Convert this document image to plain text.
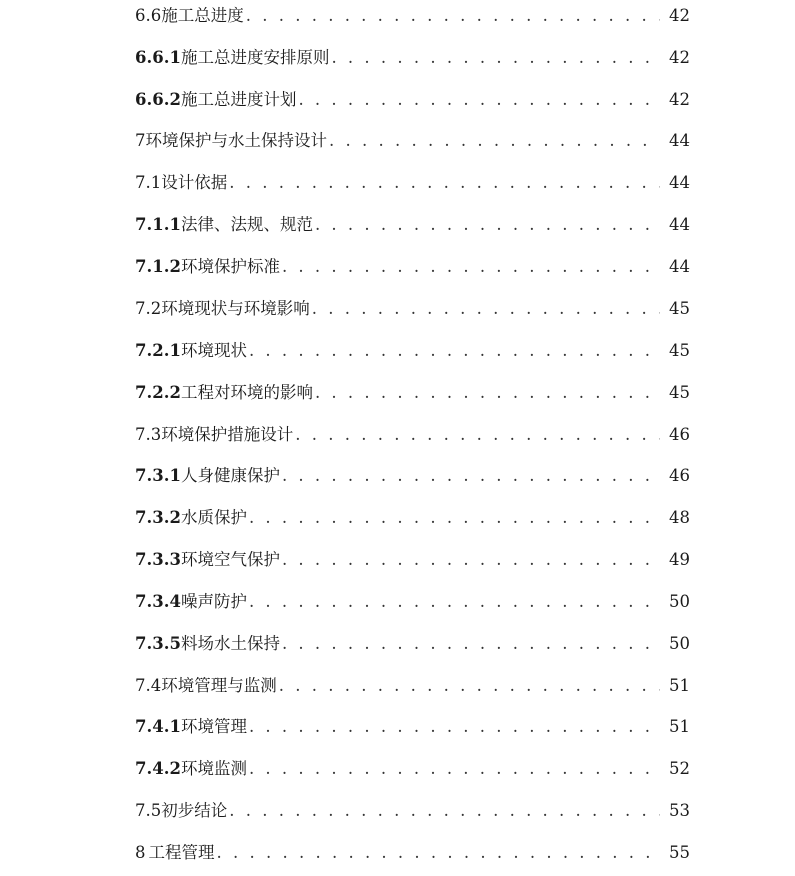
6.6 施工总进度 . . .	42
6.6.1 施工总进度安排原则 . . .	42
6.6.2 施工总进度计划 . . .	42
7 环境保护与水土保持设计 . . .	44
7.1 设计依据 . . .	44
7.1.1 法律、法规、规范 . . .	44
7.1.2 环境保护标准 . . .	44
7.2 环境现状与环境影响 . . .	45
7.2.1 环境现状 . . .	45
7.2.2 工程对环境的影响 . . .	45
7.3 环境保护措施设计 . . .	46
7.3.1 人身健康保护 . . .	46
7.3.2 水质保护 . . .	48
7.3.3 环境空气保护 . . .	49
7.3.4 噪声防护 . . .	50
7.3.5 料场水土保持 . . .	50
7.4 环境管理与监测 . . .	51
7.4.1 环境管理 . . .	51
7.4.2 环境监测 . . .	52
7.5 初步结论 . . .	53
8 工程管理 . . .	55
